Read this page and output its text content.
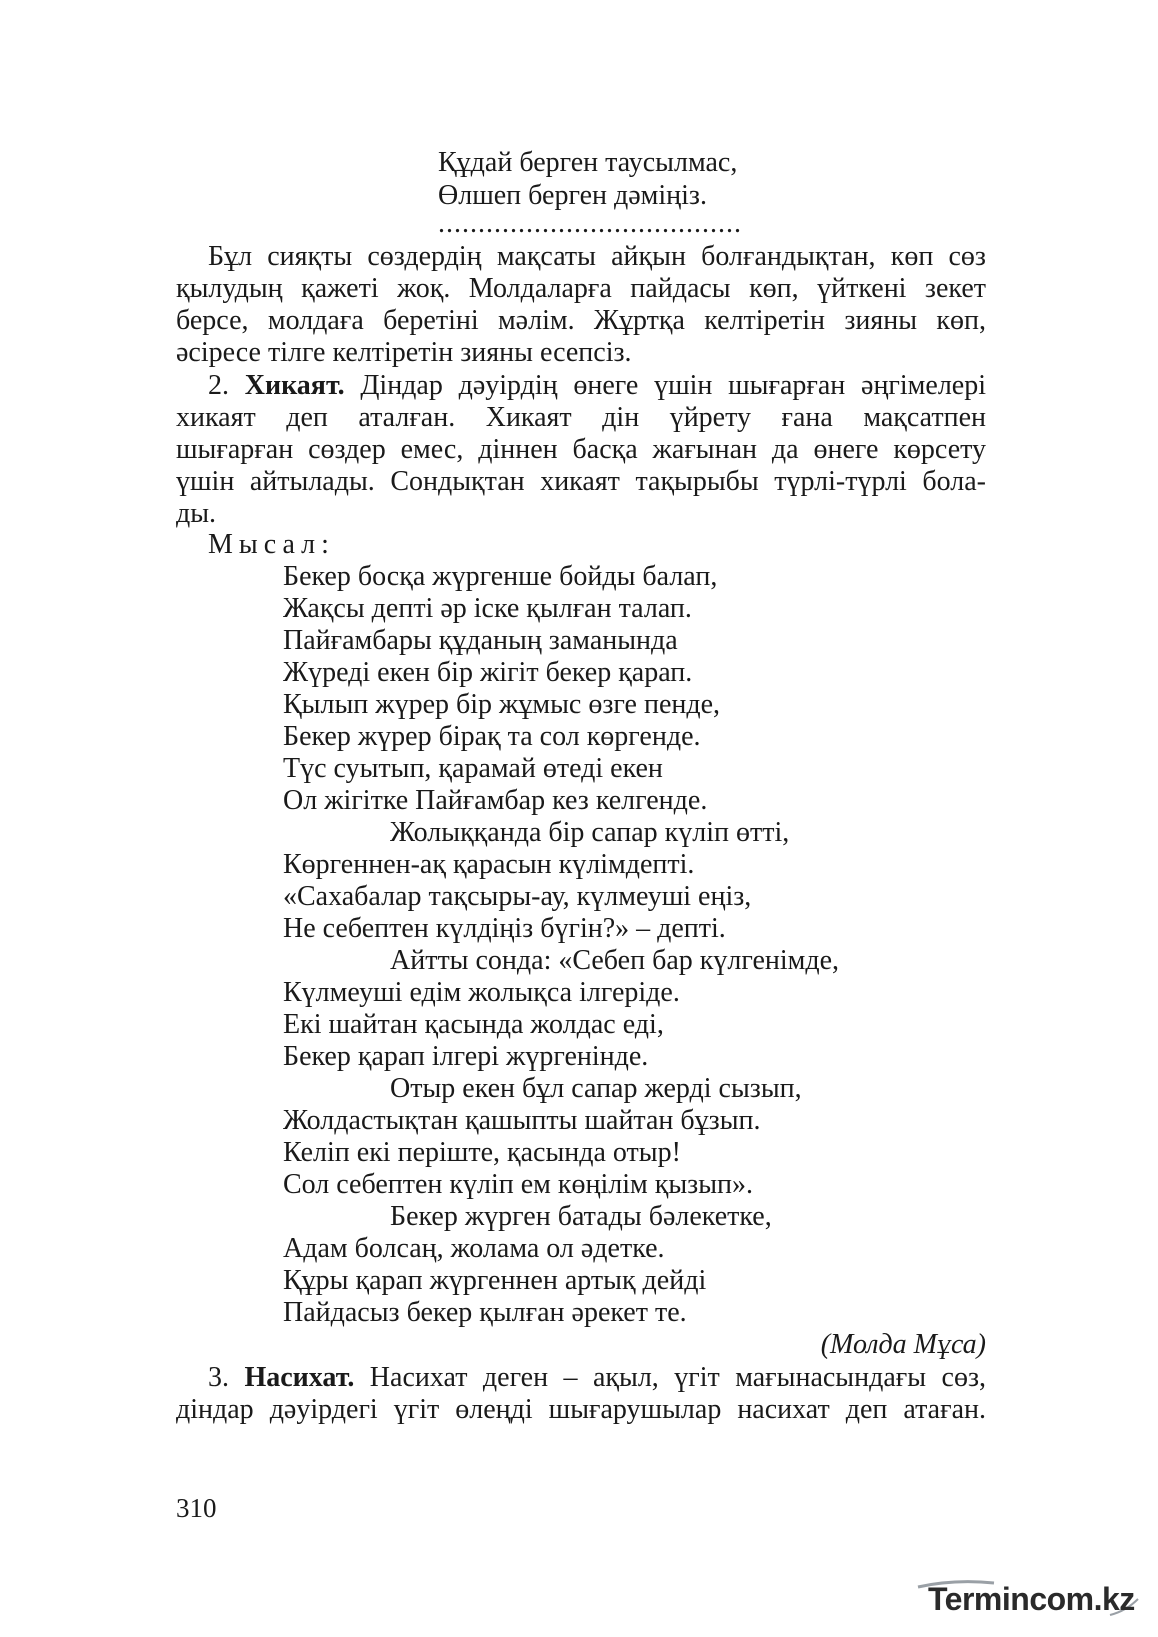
Құдай берген таусылмас,
Өлшеп берген дәміңіз.
......................................
Бұл сияқты сөздердің мақсаты айқын болғандықтан, көп сөз
қылудың қажеті жоқ. Молдаларға пайдасы көп, үйткені зекет
берсе, молдаға беретіні мәлім. Жұртқа келтіретін зияны көп,
әсіресе тілге келтіретін зияны есепсіз.
2. Хикаят. Діндар дәуірдің өнеге үшін шығарған әңгімелері
хикаят деп аталған. Хикаят дін үйрету ғана мақсатпен
шығарған сөздер емес, діннен басқа жағынан да өнеге көрсету
үшін айтылады. Сондықтан хикаят тақырыбы түрлі-түрлі бола-
ды.
Мысал:
Бекер босқа жүргенше бойды балап,
Жақсы депті әр іске қылған талап.
Пайғамбары құданың заманында
Жүреді екен бір жігіт бекер қарап.
Қылып жүрер бір жұмыс өзге пенде,
Бекер жүрер бірақ та сол көргенде.
Түс суытып, қарамай өтеді екен
Ол жігітке Пайғамбар кез келгенде.
Жолыққанда бір сапар күліп өтті,
Көргеннен-ақ қарасын күлімдепті.
«Сахабалар тақсыры-ау, күлмеуші еңіз,
Не себептен күлдіңіз бүгін?» – депті.
Айтты сонда: «Себеп бар күлгенімде,
Күлмеуші едім жолықса ілгеріде.
Екі шайтан қасында жолдас еді,
Бекер қарап ілгері жүргенінде.
Отыр екен бұл сапар жерді сызып,
Жолдастықтан қашыпты шайтан бұзып.
Келіп екі періште, қасында отыр!
Сол себептен күліп ем көңілім қызып».
Бекер жүрген батады бәлекетке,
Адам болсаң, жолама ол әдетке.
Құры қарап жүргеннен артық дейді
Пайдасыз бекер қылған әрекет те.
(Молда Мұса)
3. Насихат. Насихат деген – ақыл, үгіт мағынасындағы сөз,
діндар дәуірдегі үгіт өлеңді шығарушылар насихат деп атаған.
310
Termincom.kz
